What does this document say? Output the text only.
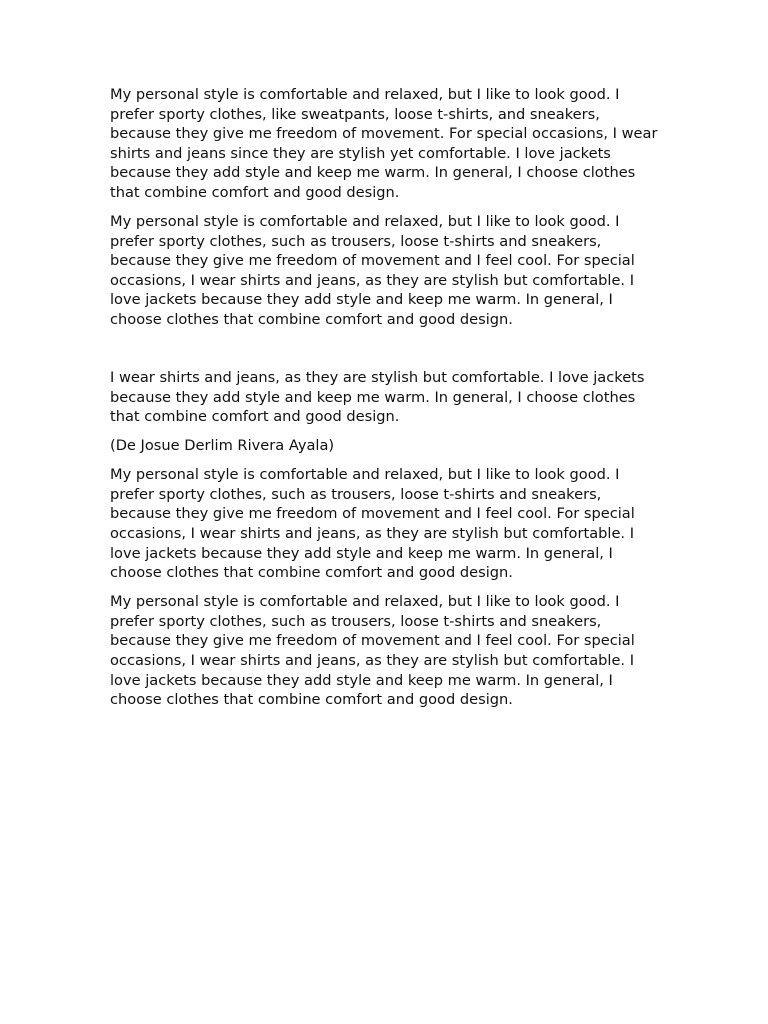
My personal style is comfortable and relaxed, but I like to look good. I prefer sporty clothes, like sweatpants, loose t-shirts, and sneakers, because they give me freedom of movement. For special occasions, I wear shirts and jeans since they are stylish yet comfortable. I love jackets because they add style and keep me warm. In general, I choose clothes that combine comfort and good design.

My personal style is comfortable and relaxed, but I like to look good. I prefer sporty clothes, such as trousers, loose t-shirts and sneakers, because they give me freedom of movement and I feel cool. For special occasions, I wear shirts and jeans, as they are stylish but comfortable. I love jackets because they add style and keep me warm. In general, I choose clothes that combine comfort and good design.

I wear shirts and jeans, as they are stylish but comfortable. I love jackets because they add style and keep me warm. In general, I choose clothes that combine comfort and good design.

(De Josue Derlim Rivera Ayala)

My personal style is comfortable and relaxed, but I like to look good. I prefer sporty clothes, such as trousers, loose t-shirts and sneakers, because they give me freedom of movement and I feel cool. For special occasions, I wear shirts and jeans, as they are stylish but comfortable. I love jackets because they add style and keep me warm. In general, I choose clothes that combine comfort and good design.

My personal style is comfortable and relaxed, but I like to look good. I prefer sporty clothes, such as trousers, loose t-shirts and sneakers, because they give me freedom of movement and I feel cool. For special occasions, I wear shirts and jeans, as they are stylish but comfortable. I love jackets because they add style and keep me warm. In general, I choose clothes that combine comfort and good design.
